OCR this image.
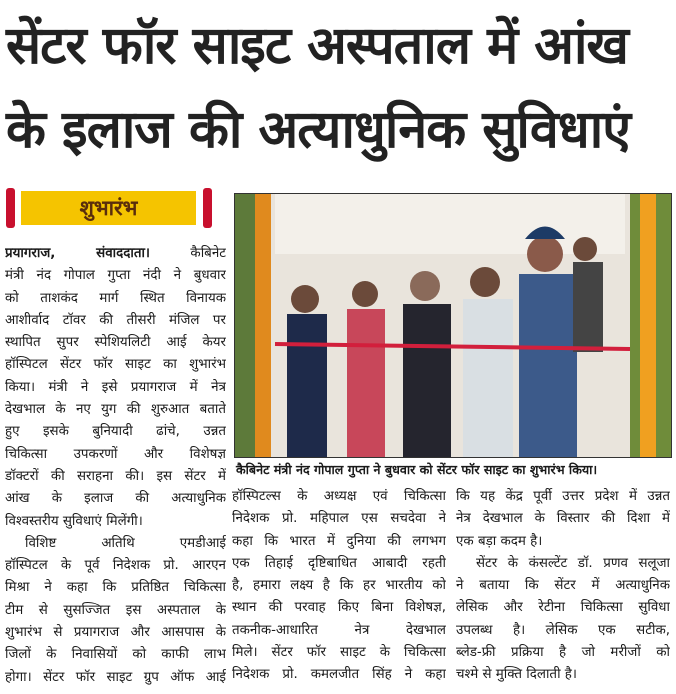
सेंटर फॉर साइट अस्पताल में आंख
के इलाज की अत्याधुनिक सुविधाएं
शुभारंभ
प्रयागराज, संवाददाता। कैबिनेट
मंत्री नंद गोपाल गुप्ता नंदी ने बुधवार
को ताशकंद मार्ग स्थित विनायक
आशीर्वाद टॉवर की तीसरी मंजिल पर
स्थापित सुपर स्पेशियलिटी आई केयर
हॉस्पिटल सेंटर फॉर साइट का शुभारंभ
किया। मंत्री ने इसे प्रयागराज में नेत्र
देखभाल के नए युग की शुरुआत बताते
हुए इसके बुनियादी ढांचे, उन्नत
चिकित्सा उपकरणों और विशेषज्ञ
डॉक्टरों की सराहना की। इस सेंटर में
आंख के इलाज की अत्याधुनिक
विश्वस्तरीय सुविधाएं मिलेंगी।
विशिष्ट अतिथि एमडीआई
हॉस्पिटल के पूर्व निदेशक प्रो. आरएन
मिश्रा ने कहा कि प्रतिष्ठित चिकित्सा
टीम से सुसज्जित इस अस्पताल के
शुभारंभ से प्रयागराज और आसपास के
जिलों के निवासियों को काफी लाभ
होगा। सेंटर फॉर साइट ग्रुप ऑफ आई
कैबिनेट मंत्री नंद गोपाल गुप्ता ने बुधवार को सेंटर फॉर साइट का शुभारंभ किया।
हॉस्पिटल्स के अध्यक्ष एवं चिकित्सा
निदेशक प्रो. महिपाल एस सचदेवा ने
कहा कि भारत में दुनिया की लगभग
एक तिहाई दृष्टिबाधित आबादी रहती
है, हमारा लक्ष्य है कि हर भारतीय को
स्थान की परवाह किए बिना विशेषज्ञ,
तकनीक-आधारित नेत्र देखभाल
मिले। सेंटर फॉर साइट के चिकित्सा
निदेशक प्रो. कमलजीत सिंह ने कहा
कि यह केंद्र पूर्वी उत्तर प्रदेश में उन्नत
नेत्र देखभाल के विस्तार की दिशा में
एक बड़ा कदम है।
सेंटर के कंसल्टेंट डॉ. प्रणव सलूजा
ने बताया कि सेंटर में अत्याधुनिक
लेसिक और रेटीना चिकित्सा सुविधा
उपलब्ध है। लेसिक एक सटीक,
ब्लेड-फ्री प्रक्रिया है जो मरीजों को
चश्मे से मुक्ति दिलाती है।
